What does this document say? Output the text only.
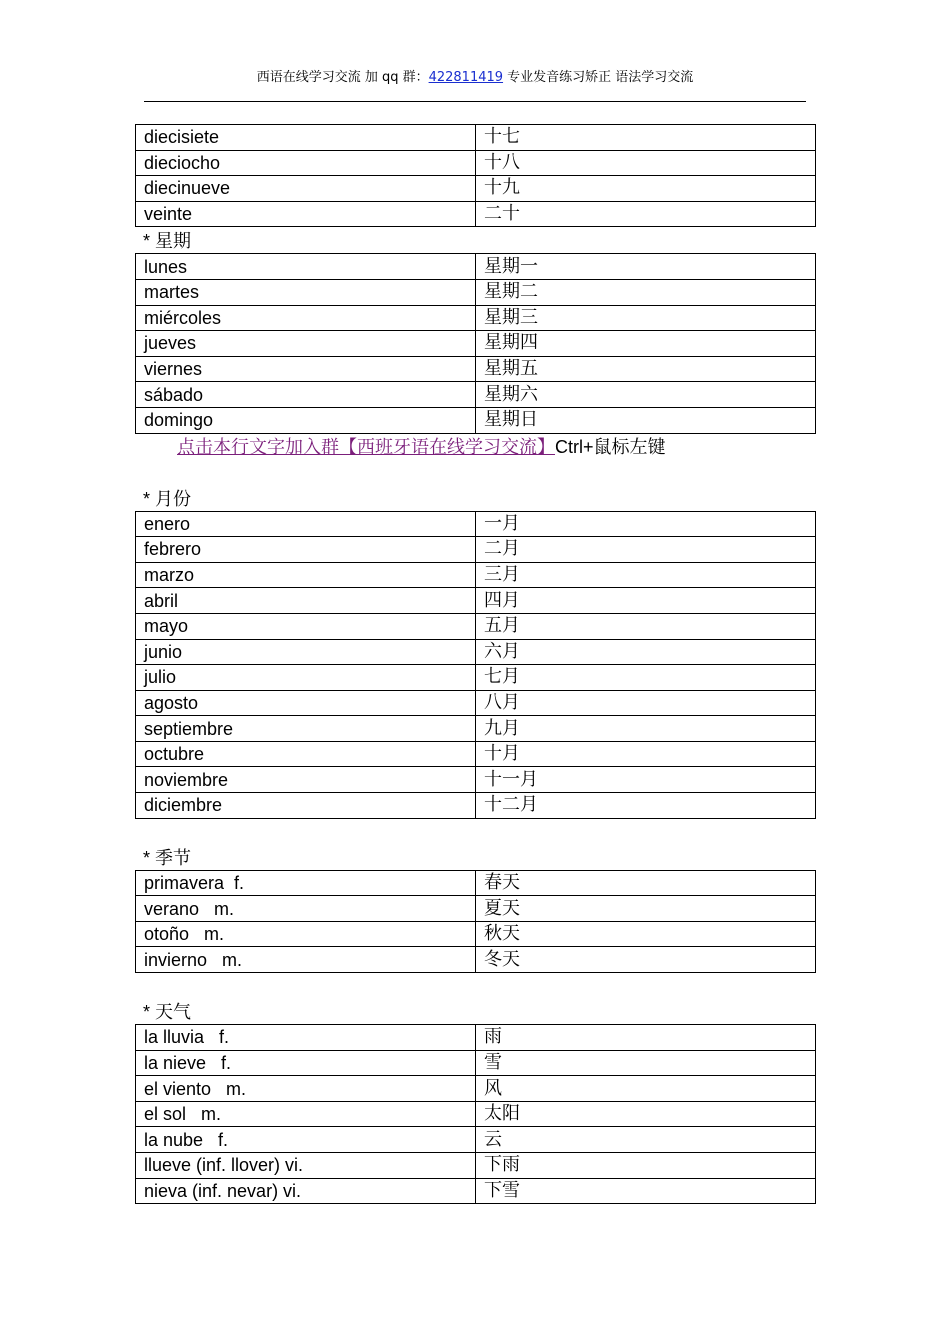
西语在线学习交流 加 qq 群：422811419 专业发音练习矫正 语法学习交流
diecisiete	十七
dieciocho	十八
diecinueve	十九
veinte	二十
* 星期
lunes	星期一
martes	星期二
miércoles	星期三
jueves	星期四
viernes	星期五
sábado	星期六
domingo	星期日
点击本行文字加入群【西班牙语在线学习交流】Ctrl+鼠标左键
* 月份
enero	一月
febrero	二月
marzo	三月
abril	四月
mayo	五月
junio	六月
julio	七月
agosto	八月
septiembre	九月
octubre	十月
noviembre	十一月
diciembre	十二月
* 季节
primavera  f.	春天
verano   m.	夏天
otoño   m.	秋天
invierno   m.	冬天
* 天气
la lluvia   f.	雨
la nieve   f.	雪
el viento   m.	风
el sol   m.	太阳
la nube   f.	云
llueve (inf. llover) vi.	下雨
nieva (inf. nevar) vi.	下雪
